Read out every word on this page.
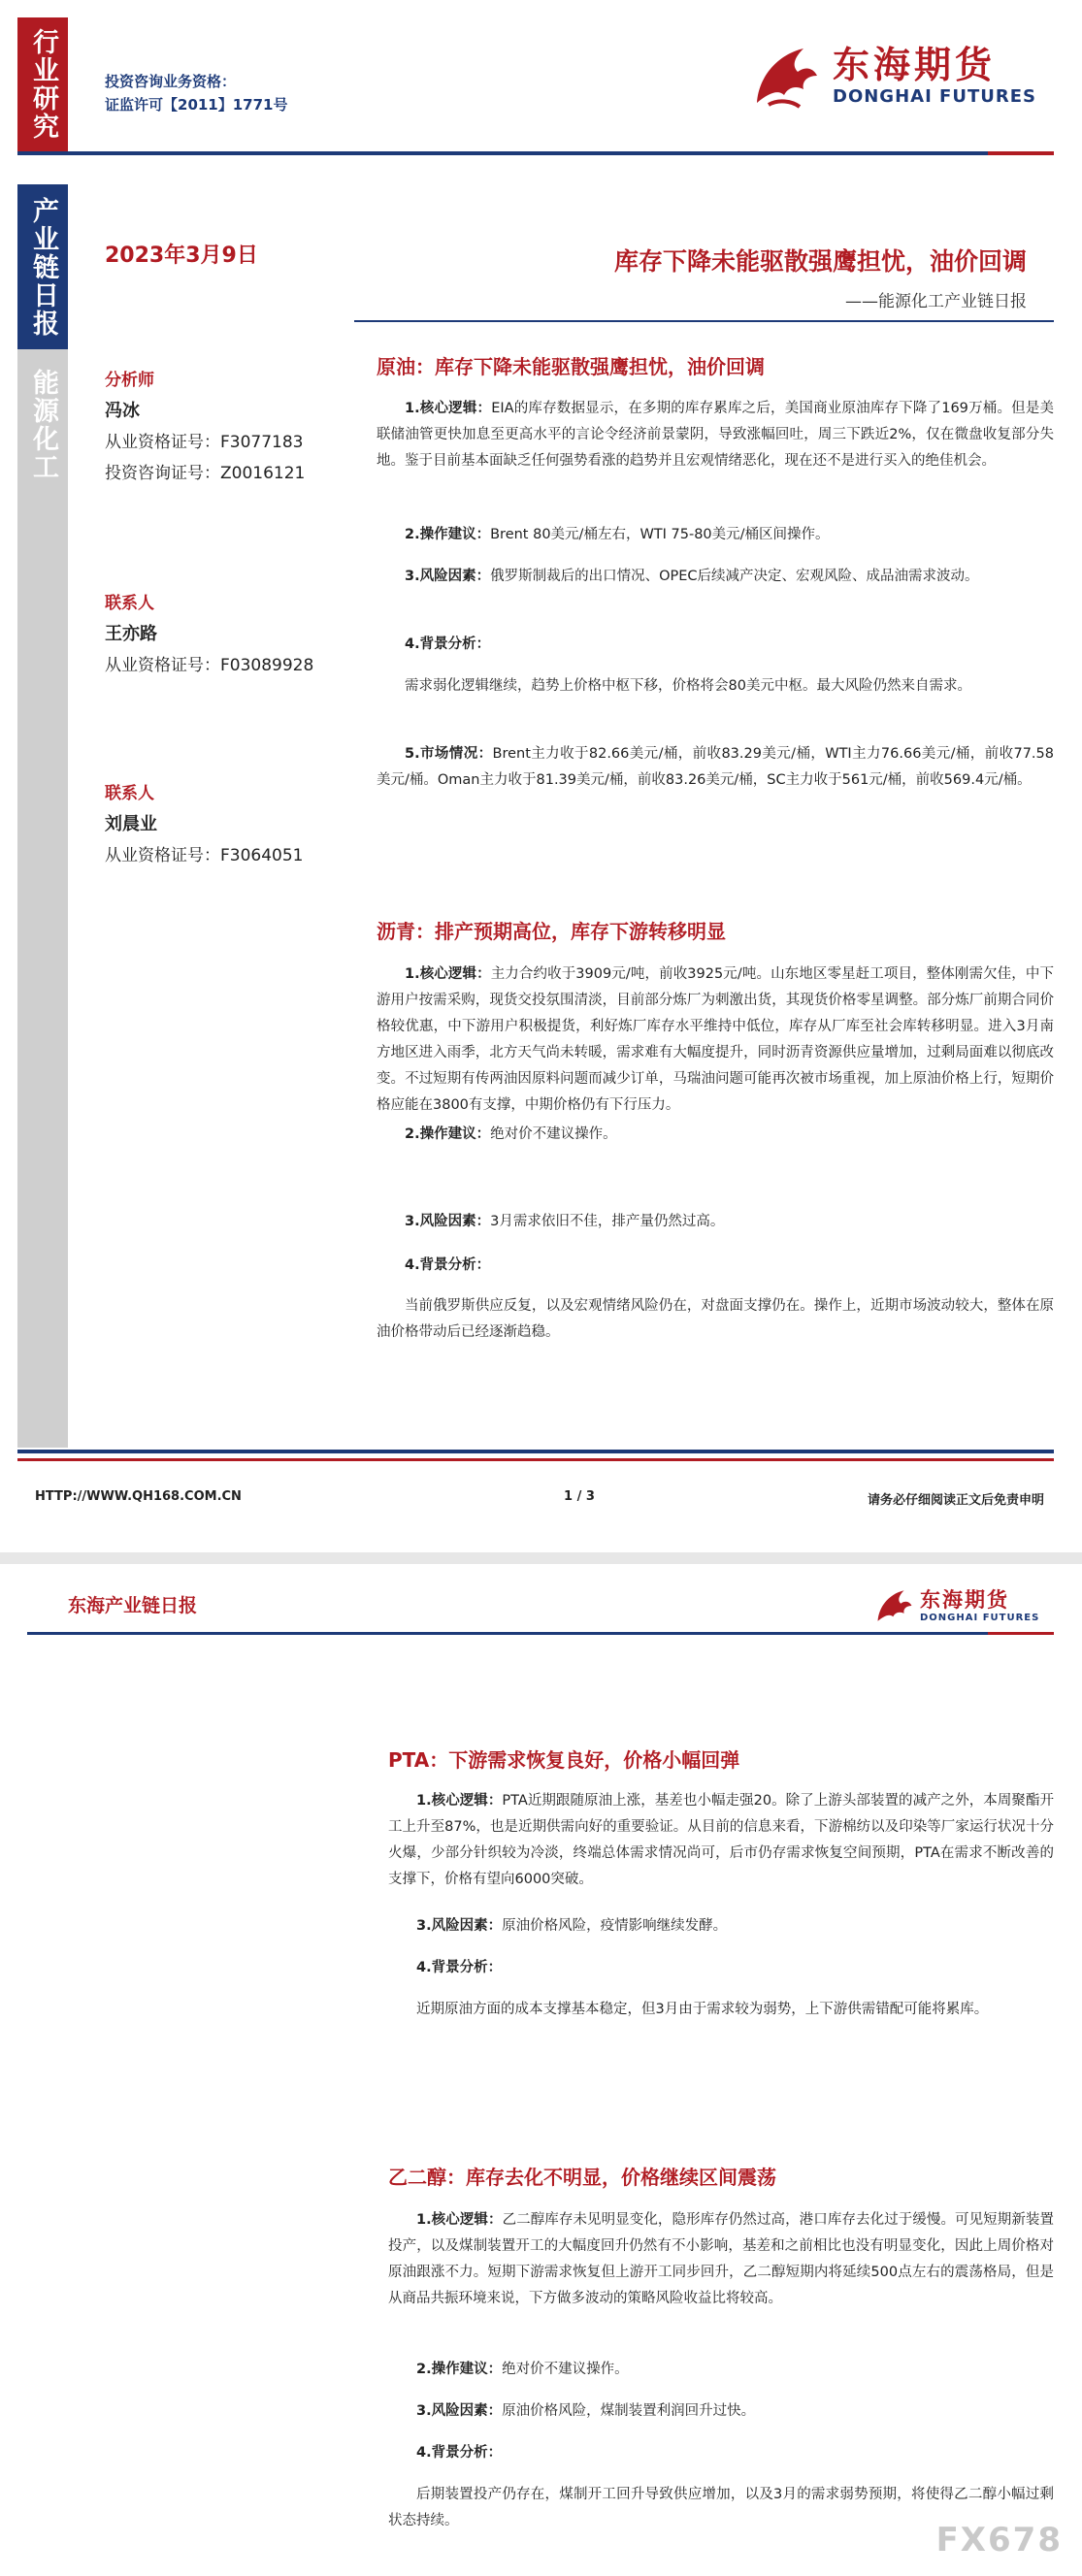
行业研究	投资咨询业务资格：
证监许可【2011】1771号
东海期货
DONGHAI FUTURES
产业链日报
能源化工
2023年3月9日	库存下降未能驱散强鹰担忧，油价回调
——能源化工产业链日报
分析师
冯冰
从业资格证号：F3077183
投资咨询证号：Z0016121
联系人
王亦路
从业资格证号：F03089928
联系人
刘晨业
从业资格证号：F3064051
原油：库存下降未能驱散强鹰担忧，油价回调
1.核心逻辑：EIA的库存数据显示，在多期的库存累库之后，美国商业原油库存下降了169万桶。但是美联储油管更快加息至更高水平的言论令经济前景蒙阴，导致涨幅回吐，周三下跌近2%，仅在微盘收复部分失地。鉴于目前基本面缺乏任何强势看涨的趋势并且宏观情绪恶化，现在还不是进行买入的绝佳机会。
2.操作建议：Brent 80美元/桶左右，WTI 75-80美元/桶区间操作。
3.风险因素：俄罗斯制裁后的出口情况、OPEC后续减产决定、宏观风险、成品油需求波动。
4.背景分析：
需求弱化逻辑继续，趋势上价格中枢下移，价格将会80美元中枢。最大风险仍然来自需求。
5.市场情况：Brent主力收于82.66美元/桶，前收83.29美元/桶，WTI主力76.66美元/桶，前收77.58美元/桶。Oman主力收于81.39美元/桶，前收83.26美元/桶，SC主力收于561元/桶，前收569.4元/桶。
沥青：排产预期高位，库存下游转移明显
1.核心逻辑：主力合约收于3909元/吨，前收3925元/吨。山东地区零星赶工项目，整体刚需欠佳，中下游用户按需采购，现货交投氛围清淡，目前部分炼厂为刺激出货，其现货价格零星调整。部分炼厂前期合同价格较优惠，中下游用户积极提货，利好炼厂库存水平维持中低位，库存从厂库至社会库转移明显。进入3月南方地区进入雨季，北方天气尚未转暖，需求难有大幅度提升，同时沥青资源供应量增加，过剩局面难以彻底改变。不过短期有传两油因原料问题而减少订单，马瑞油问题可能再次被市场重视，加上原油价格上行，短期价格应能在3800有支撑，中期价格仍有下行压力。
2.操作建议：绝对价不建议操作。
3.风险因素：3月需求依旧不佳，排产量仍然过高。
4.背景分析：
当前俄罗斯供应反复，以及宏观情绪风险仍在，对盘面支撑仍在。操作上，近期市场波动较大，整体在原油价格带动后已经逐渐趋稳。
HTTP://WWW.QH168.COM.CN	1 / 3	请务必仔细阅读正文后免责申明
东海产业链日报	东海期货
DONGHAI FUTURES
PTA：下游需求恢复良好，价格小幅回弹
1.核心逻辑：PTA近期跟随原油上涨，基差也小幅走强20。除了上游头部装置的减产之外，本周聚酯开工上升至87%，也是近期供需向好的重要验证。从目前的信息来看，下游棉纺以及印染等厂家运行状况十分火爆，少部分针织较为冷淡，终端总体需求情况尚可，后市仍存需求恢复空间预期，PTA在需求不断改善的支撑下，价格有望向6000突破。
3.风险因素：原油价格风险，疫情影响继续发酵。
4.背景分析：
近期原油方面的成本支撑基本稳定，但3月由于需求较为弱势，上下游供需错配可能将累库。
乙二醇：库存去化不明显，价格继续区间震荡
1.核心逻辑：乙二醇库存未见明显变化，隐形库存仍然过高，港口库存去化过于缓慢。可见短期新装置投产，以及煤制装置开工的大幅度回升仍然有不小影响，基差和之前相比也没有明显变化，因此上周价格对原油跟涨不力。短期下游需求恢复但上游开工同步回升，乙二醇短期内将延续500点左右的震荡格局，但是从商品共振环境来说，下方做多波动的策略风险收益比将较高。
2.操作建议：绝对价不建议操作。
3.风险因素：原油价格风险，煤制装置利润回升过快。
4.背景分析：
后期装置投产仍存在，煤制开工回升导致供应增加，以及3月的需求弱势预期，将使得乙二醇小幅过剩状态持续。	FX678
